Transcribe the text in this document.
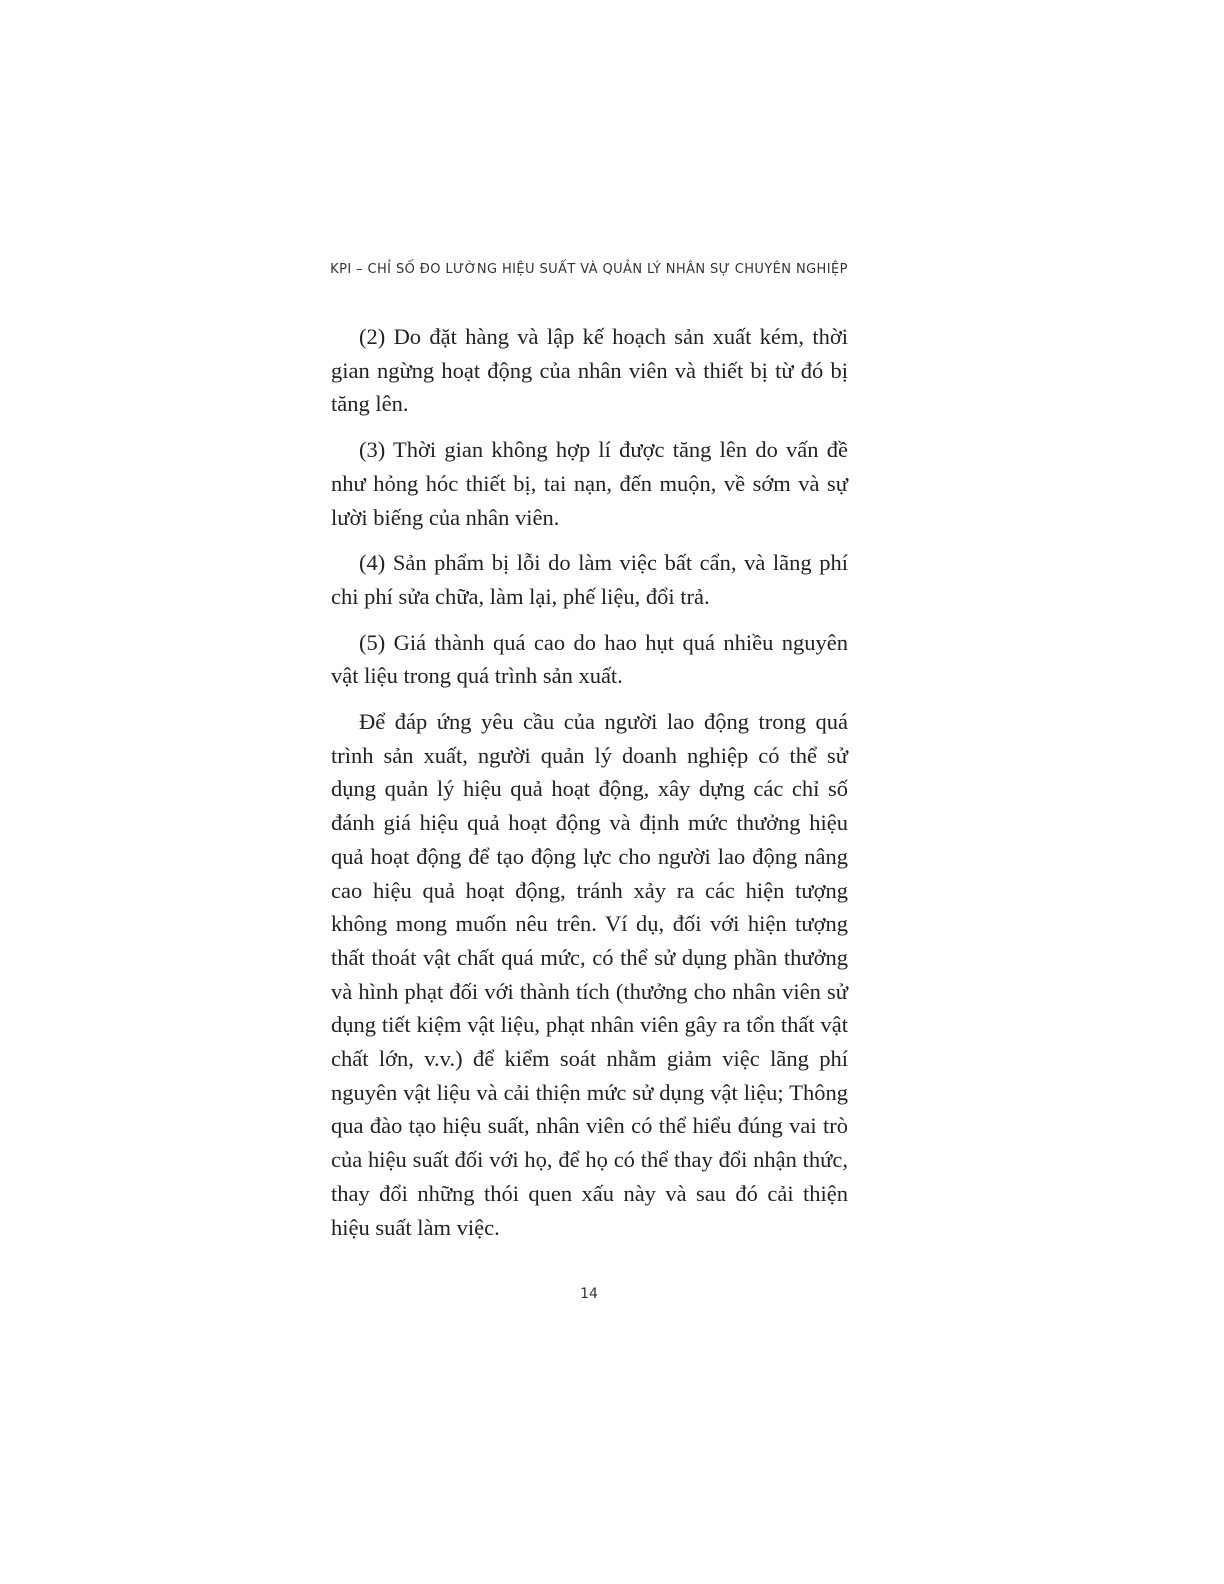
KPI – CHỈ SỐ ĐO LƯỜNG HIỆU SUẤT VÀ QUẢN LÝ NHÂN SỰ CHUYÊN NGHIỆP

(2) Do đặt hàng và lập kế hoạch sản xuất kém, thời gian ngừng hoạt động của nhân viên và thiết bị từ đó bị tăng lên.

(3) Thời gian không hợp lí được tăng lên do vấn đề như hỏng hóc thiết bị, tai nạn, đến muộn, về sớm và sự lười biếng của nhân viên.

(4) Sản phẩm bị lỗi do làm việc bất cẩn, và lãng phí chi phí sửa chữa, làm lại, phế liệu, đổi trả.

(5) Giá thành quá cao do hao hụt quá nhiều nguyên vật liệu trong quá trình sản xuất.

Để đáp ứng yêu cầu của người lao động trong quá trình sản xuất, người quản lý doanh nghiệp có thể sử dụng quản lý hiệu quả hoạt động, xây dựng các chỉ số đánh giá hiệu quả hoạt động và định mức thưởng hiệu quả hoạt động để tạo động lực cho người lao động nâng cao hiệu quả hoạt động, tránh xảy ra các hiện tượng không mong muốn nêu trên. Ví dụ, đối với hiện tượng thất thoát vật chất quá mức, có thể sử dụng phần thưởng và hình phạt đối với thành tích (thưởng cho nhân viên sử dụng tiết kiệm vật liệu, phạt nhân viên gây ra tổn thất vật chất lớn, v.v.) để kiểm soát nhằm giảm việc lãng phí nguyên vật liệu và cải thiện mức sử dụng vật liệu; Thông qua đào tạo hiệu suất, nhân viên có thể hiểu đúng vai trò của hiệu suất đối với họ, để họ có thể thay đổi nhận thức, thay đổi những thói quen xấu này và sau đó cải thiện hiệu suất làm việc.

14
